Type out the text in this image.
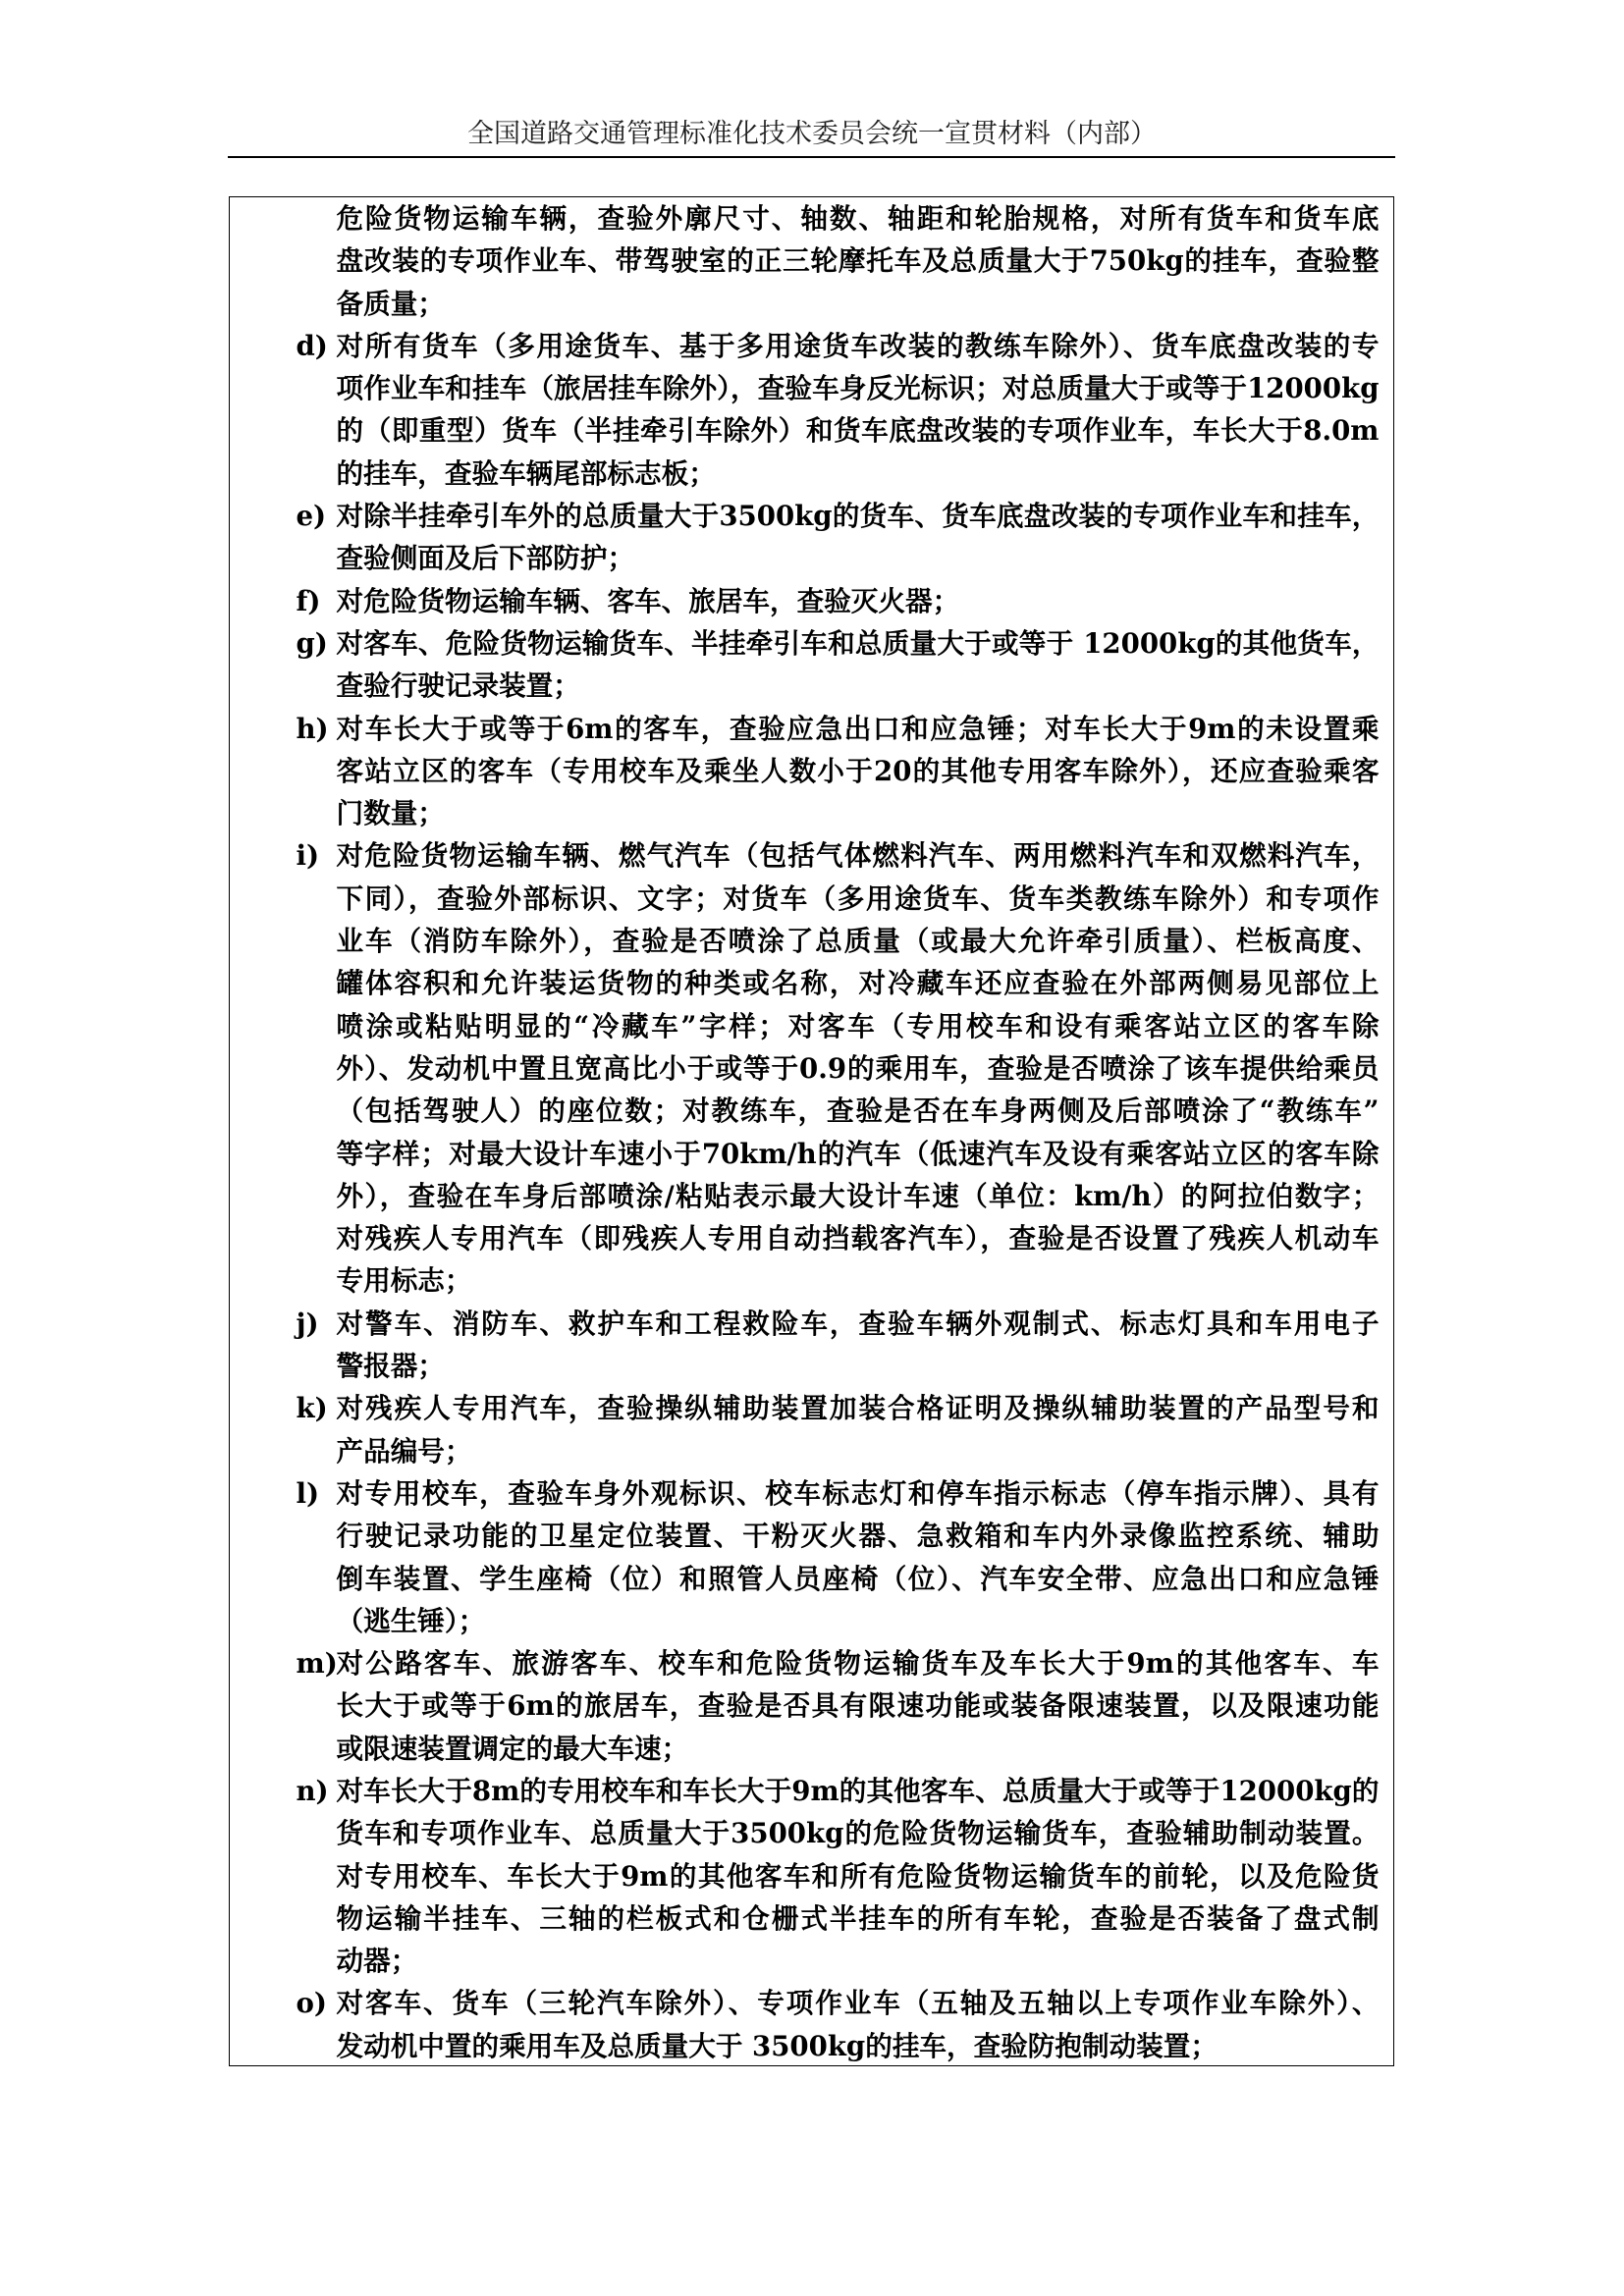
全国道路交通管理标准化技术委员会统一宣贯材料（内部）
危险货物运输车辆，查验外廓尺寸、轴数、轴距和轮胎规格，对所有货车和货车底
盘改装的专项作业车、带驾驶室的正三轮摩托车及总质量大于750kg的挂车，查验整
备质量；
d) 对所有货车（多用途货车、基于多用途货车改装的教练车除外）、货车底盘改装的专
项作业车和挂车（旅居挂车除外），查验车身反光标识；对总质量大于或等于12000kg
的（即重型）货车（半挂牵引车除外）和货车底盘改装的专项作业车，车长大于8.0m
的挂车，查验车辆尾部标志板；
e) 对除半挂牵引车外的总质量大于3500kg的货车、货车底盘改装的专项作业车和挂车，
查验侧面及后下部防护；
f) 对危险货物运输车辆、客车、旅居车，查验灭火器；
g) 对客车、危险货物运输货车、半挂牵引车和总质量大于或等于 12000kg的其他货车，
查验行驶记录装置；
h) 对车长大于或等于6m的客车，查验应急出口和应急锤；对车长大于9m的未设置乘
客站立区的客车（专用校车及乘坐人数小于20的其他专用客车除外），还应查验乘客
门数量；
i) 对危险货物运输车辆、燃气汽车（包括气体燃料汽车、两用燃料汽车和双燃料汽车，
下同），查验外部标识、文字；对货车（多用途货车、货车类教练车除外）和专项作
业车（消防车除外），查验是否喷涂了总质量（或最大允许牵引质量）、栏板高度、
罐体容积和允许装运货物的种类或名称，对冷藏车还应查验在外部两侧易见部位上
喷涂或粘贴明显的“冷藏车”字样；对客车（专用校车和设有乘客站立区的客车除
外）、发动机中置且宽高比小于或等于0.9的乘用车，查验是否喷涂了该车提供给乘员
（包括驾驶人）的座位数；对教练车，查验是否在车身两侧及后部喷涂了“教练车”
等字样；对最大设计车速小于70km/h的汽车（低速汽车及设有乘客站立区的客车除
外），查验在车身后部喷涂/粘贴表示最大设计车速（单位：km/h）的阿拉伯数字；
对残疾人专用汽车（即残疾人专用自动挡载客汽车），查验是否设置了残疾人机动车
专用标志；
j) 对警车、消防车、救护车和工程救险车，查验车辆外观制式、标志灯具和车用电子
警报器；
k) 对残疾人专用汽车，查验操纵辅助装置加装合格证明及操纵辅助装置的产品型号和
产品编号；
l) 对专用校车，查验车身外观标识、校车标志灯和停车指示标志（停车指示牌）、具有
行驶记录功能的卫星定位装置、干粉灭火器、急救箱和车内外录像监控系统、辅助
倒车装置、学生座椅（位）和照管人员座椅（位）、汽车安全带、应急出口和应急锤
（逃生锤）；
m)
对公路客车、旅游客车、校车和危险货物运输货车及车长大于9m的其他客车、车
长大于或等于6m的旅居车，查验是否具有限速功能或装备限速装置，以及限速功能
或限速装置调定的最大车速；
n) 对车长大于8m的专用校车和车长大于9m的其他客车、总质量大于或等于12000kg的
货车和专项作业车、总质量大于3500kg的危险货物运输货车，查验辅助制动装置。
对专用校车、车长大于9m的其他客车和所有危险货物运输货车的前轮，以及危险货
物运输半挂车、三轴的栏板式和仓栅式半挂车的所有车轮，查验是否装备了盘式制
动器；
o) 对客车、货车（三轮汽车除外）、专项作业车（五轴及五轴以上专项作业车除外）、
发动机中置的乘用车及总质量大于 3500kg的挂车，查验防抱制动装置；
